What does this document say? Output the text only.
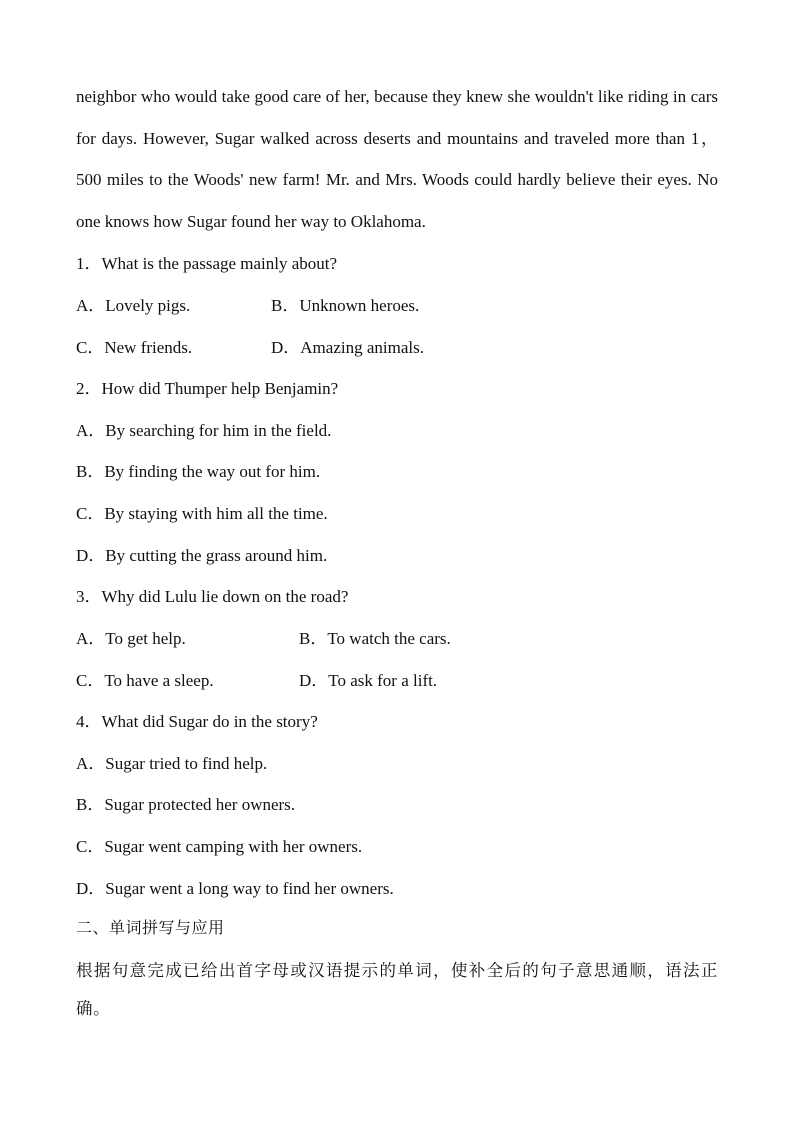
neighbor who would take good care of her, because they knew she wouldn't like riding in cars for days. However, Sugar walked across deserts and mountains and traveled more than 1，500 miles to the Woods' new farm! Mr. and Mrs. Woods could hardly believe their eyes. No one knows how Sugar found her way to Oklahoma.
1．What is the passage mainly about?
A．Lovely pigs.	B．Unknown heroes.
C．New friends.	D．Amazing animals.
2．How did Thumper help Benjamin?
A．By searching for him in the field.
B．By finding the way out for him.
C．By staying with him all the time.
D．By cutting the grass around him.
3．Why did Lulu lie down on the road?
A．To get help.	B．To watch the cars.
C．To have a sleep.	D．To ask for a lift.
4．What did Sugar do in the story?
A．Sugar tried to find help.
B．Sugar protected her owners.
C．Sugar went camping with her owners.
D．Sugar went a long way to find her owners.
二、单词拼写与应用
根据句意完成已给出首字母或汉语提示的单词，使补全后的句子意思通顺，语法正确。
